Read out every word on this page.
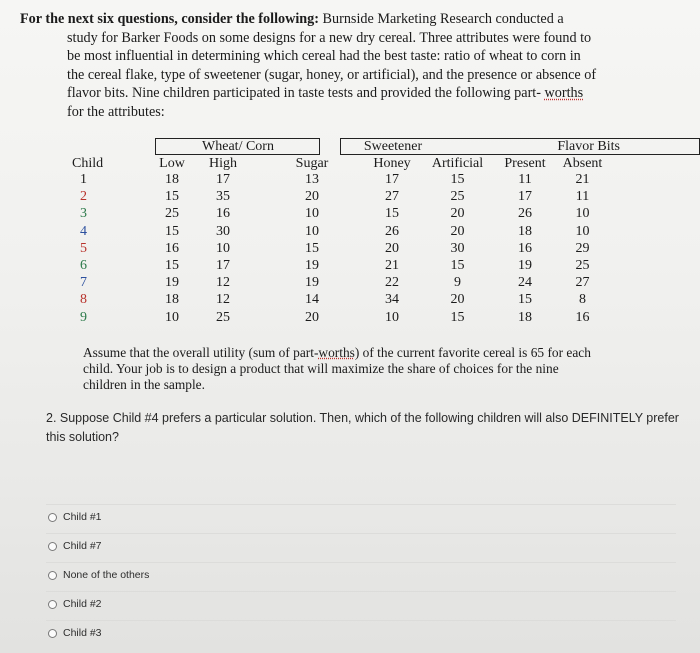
For the next six questions, consider the following: Burnside Marketing Research conducted a
study for Barker Foods on some designs for a new dry cereal. Three attributes were found to
be most influential in determining which cereal had the best taste: ratio of wheat to corn in
the cereal flake, type of sweetener (sugar, honey, or artificial), and the presence or absence of
flavor bits. Nine children participated in taste tests and provided the following part- worths
for the attributes:
Wheat/ Corn	Sweetener	Flavor Bits
Child	Low	High	Sugar	Honey	Artificial	Present	Absent
1	18	17	13	17	15	11	21
2	15	35	20	27	25	17	11
3	25	16	10	15	20	26	10
4	15	30	10	26	20	18	10
5	16	10	15	20	30	16	29
6	15	17	19	21	15	19	25
7	19	12	19	22	9	24	27
8	18	12	14	34	20	15	8
9	10	25	20	10	15	18	16
Assume that the overall utility (sum of part-worths) of the current favorite cereal is 65 for each child. Your job is to design a product that will maximize the share of choices for the nine children in the sample.
2. Suppose Child #4 prefers a particular solution. Then, which of the following children will also DEFINITELY prefer this solution?
Child #1
Child #7
None of the others
Child #2
Child #3
